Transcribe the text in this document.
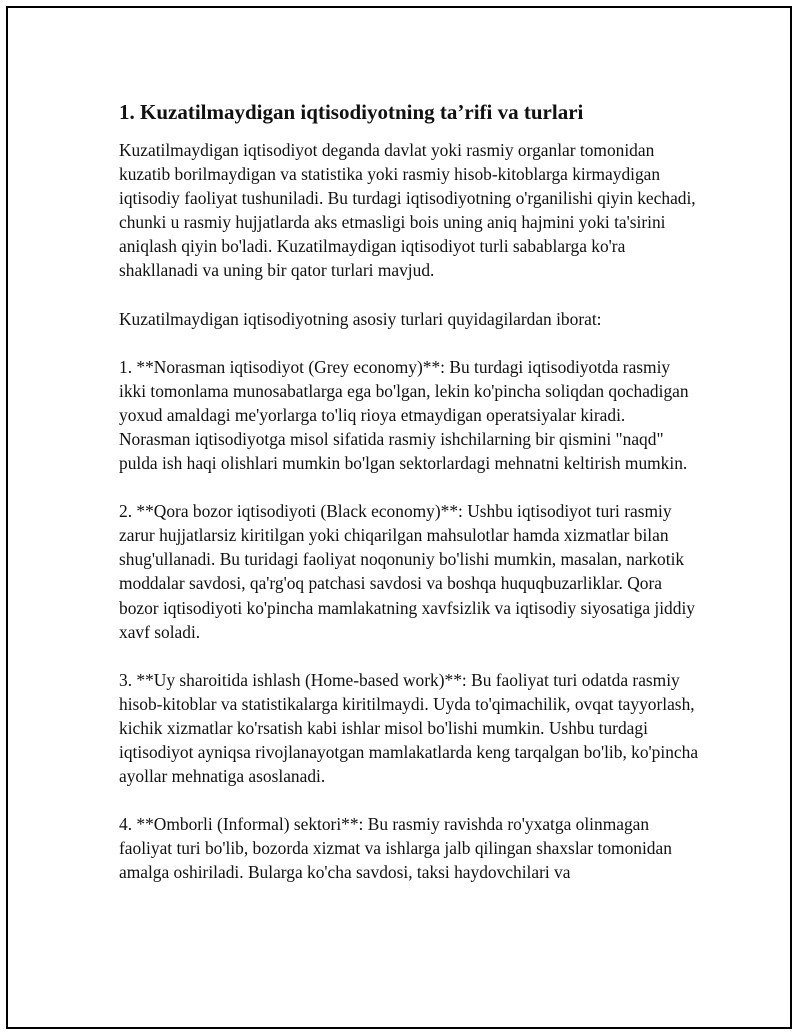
1. Kuzatilmaydigan iqtisodiyotning ta’rifi va turlari

Kuzatilmaydigan iqtisodiyot deganda davlat yoki rasmiy organlar tomonidan kuzatib borilmaydigan va statistika yoki rasmiy hisob-kitoblarga kirmaydigan iqtisodiy faoliyat tushuniladi. Bu turdagi iqtisodiyotning o'rganilishi qiyin kechadi, chunki u rasmiy hujjatlarda aks etmasligi bois uning aniq hajmini yoki ta'sirini aniqlash qiyin bo'ladi. Kuzatilmaydigan iqtisodiyot turli sabablarga ko'ra shakllanadi va uning bir qator turlari mavjud.

Kuzatilmaydigan iqtisodiyotning asosiy turlari quyidagilardan iborat:

1. **Norasman iqtisodiyot (Grey economy)**: Bu turdagi iqtisodiyotda rasmiy ikki tomonlama munosabatlarga ega bo'lgan, lekin ko'pincha soliqdan qochadigan yoxud amaldagi me'yorlarga to'liq rioya etmaydigan operatsiyalar kiradi. Norasman iqtisodiyotga misol sifatida rasmiy ishchilarning bir qismini "naqd" pulda ish haqi olishlari mumkin bo'lgan sektorlardagi mehnatni keltirish mumkin.

2. **Qora bozor iqtisodiyoti (Black economy)**: Ushbu iqtisodiyot turi rasmiy zarur hujjatlarsiz kiritilgan yoki chiqarilgan mahsulotlar hamda xizmatlar bilan shug'ullanadi. Bu turidagi faoliyat noqonuniy bo'lishi mumkin, masalan, narkotik moddalar savdosi, qa'rg'oq patchasi savdosi va boshqa huquqbuzarliklar. Qora bozor iqtisodiyoti ko'pincha mamlakatning xavfsizlik va iqtisodiy siyosatiga jiddiy xavf soladi.

3. **Uy sharoitida ishlash (Home-based work)**: Bu faoliyat turi odatda rasmiy hisob-kitoblar va statistikalarga kiritilmaydi. Uyda to'qimachilik, ovqat tayyorlash, kichik xizmatlar ko'rsatish kabi ishlar misol bo'lishi mumkin. Ushbu turdagi iqtisodiyot ayniqsa rivojlanayotgan mamlakatlarda keng tarqalgan bo'lib, ko'pincha ayollar mehnatiga asoslanadi.

4. **Omborli (Informal) sektori**: Bu rasmiy ravishda ro'yxatga olinmagan faoliyat turi bo'lib, bozorda xizmat va ishlarga jalb qilingan shaxslar tomonidan amalga oshiriladi. Bularga ko'cha savdosi, taksi haydovchilari va
